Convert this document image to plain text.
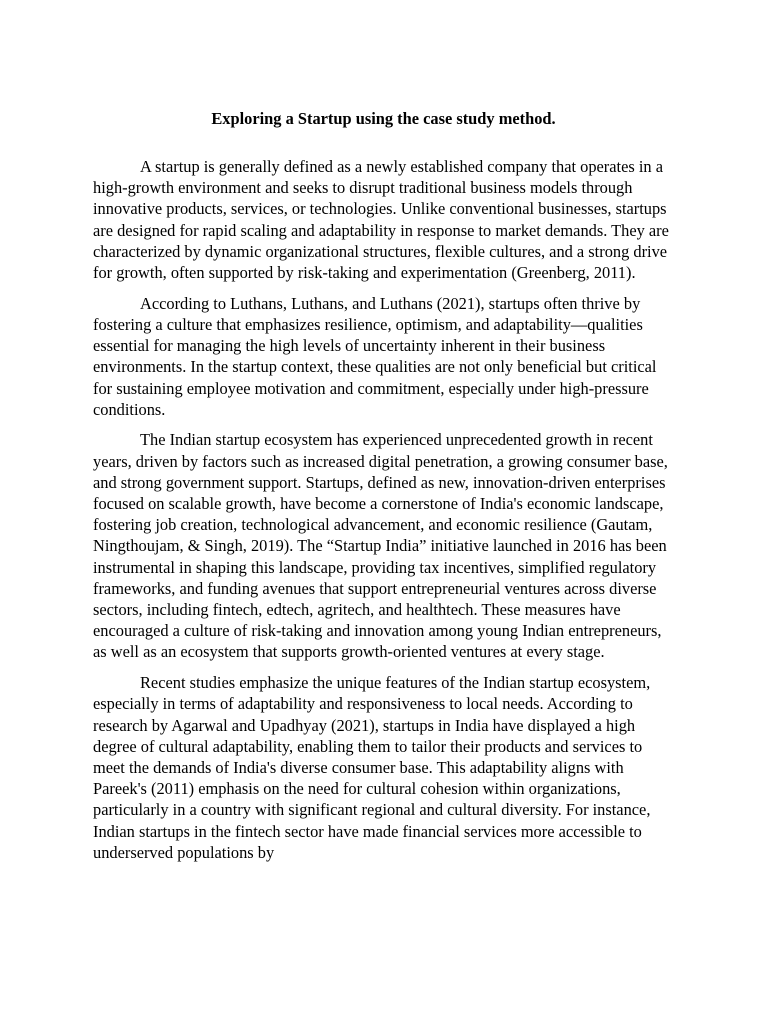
Exploring a Startup using the case study method.

A startup is generally defined as a newly established company that operates in a high-growth environment and seeks to disrupt traditional business models through innovative products, services, or technologies. Unlike conventional businesses, startups are designed for rapid scaling and adaptability in response to market demands. They are characterized by dynamic organizational structures, flexible cultures, and a strong drive for growth, often supported by risk-taking and experimentation (Greenberg, 2011).

According to Luthans, Luthans, and Luthans (2021), startups often thrive by fostering a culture that emphasizes resilience, optimism, and adaptability—qualities essential for managing the high levels of uncertainty inherent in their business environments. In the startup context, these qualities are not only beneficial but critical for sustaining employee motivation and commitment, especially under high-pressure conditions.

The Indian startup ecosystem has experienced unprecedented growth in recent years, driven by factors such as increased digital penetration, a growing consumer base, and strong government support. Startups, defined as new, innovation-driven enterprises focused on scalable growth, have become a cornerstone of India's economic landscape, fostering job creation, technological advancement, and economic resilience (Gautam, Ningthoujam, & Singh, 2019). The “Startup India” initiative launched in 2016 has been instrumental in shaping this landscape, providing tax incentives, simplified regulatory frameworks, and funding avenues that support entrepreneurial ventures across diverse sectors, including fintech, edtech, agritech, and healthtech. These measures have encouraged a culture of risk-taking and innovation among young Indian entrepreneurs, as well as an ecosystem that supports growth-oriented ventures at every stage.

Recent studies emphasize the unique features of the Indian startup ecosystem, especially in terms of adaptability and responsiveness to local needs. According to research by Agarwal and Upadhyay (2021), startups in India have displayed a high degree of cultural adaptability, enabling them to tailor their products and services to meet the demands of India's diverse consumer base. This adaptability aligns with Pareek's (2011) emphasis on the need for cultural cohesion within organizations, particularly in a country with significant regional and cultural diversity. For instance, Indian startups in the fintech sector have made financial services more accessible to underserved populations by
